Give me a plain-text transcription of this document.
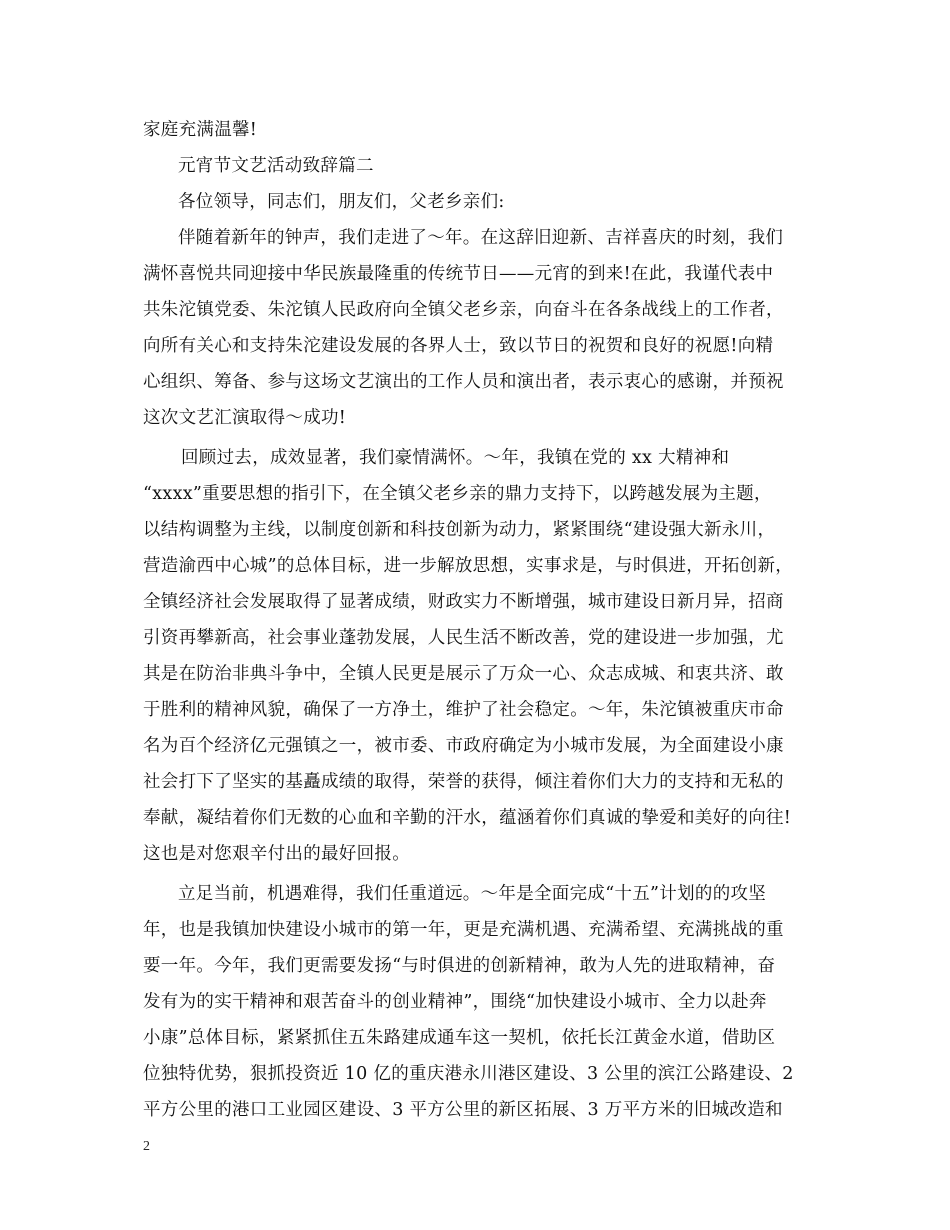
家庭充满温馨!
元宵节文艺活动致辞篇二
各位领导，同志们，朋友们，父老乡亲们:
伴随着新年的钟声，我们走进了～年。在这辞旧迎新、吉祥喜庆的时刻，我们
满怀喜悦共同迎接中华民族最隆重的传统节日——元宵的到来!在此，我谨代表中
共朱沱镇党委、朱沱镇人民政府向全镇父老乡亲，向奋斗在各条战线上的工作者，
向所有关心和支持朱沱建设发展的各界人士，致以节日的祝贺和良好的祝愿!向精
心组织、筹备、参与这场文艺演出的工作人员和演出者，表示衷心的感谢，并预祝
这次文艺汇演取得～成功!
回顾过去，成效显著，我们豪情满怀。～年，我镇在党的 xx 大精神和
“xxxx”重要思想的指引下，在全镇父老乡亲的鼎力支持下，以跨越发展为主题，
以结构调整为主线，以制度创新和科技创新为动力，紧紧围绕“建设强大新永川，
营造渝西中心城”的总体目标，进一步解放思想，实事求是，与时俱进，开拓创新，
全镇经济社会发展取得了显著成绩，财政实力不断增强，城市建设日新月异，招商
引资再攀新高，社会事业蓬勃发展，人民生活不断改善，党的建设进一步加强，尤
其是在防治非典斗争中，全镇人民更是展示了万众一心、众志成城、和衷共济、敢
于胜利的精神风貌，确保了一方净土，维护了社会稳定。～年，朱沱镇被重庆市命
名为百个经济亿元强镇之一，被市委、市政府确定为小城市发展，为全面建设小康
社会打下了坚实的基矗成绩的取得，荣誉的获得，倾注着你们大力的支持和无私的
奉献，凝结着你们无数的心血和辛勤的汗水，蕴涵着你们真诚的挚爱和美好的向往!
这也是对您艰辛付出的最好回报。
立足当前，机遇难得，我们任重道远。～年是全面完成“十五”计划的的攻坚
年，也是我镇加快建设小城市的第一年，更是充满机遇、充满希望、充满挑战的重
要一年。今年，我们更需要发扬“与时俱进的创新精神，敢为人先的进取精神，奋
发有为的实干精神和艰苦奋斗的创业精神”，围绕“加快建设小城市、全力以赴奔
小康”总体目标，紧紧抓住五朱路建成通车这一契机，依托长江黄金水道，借助区
位独特优势，狠抓投资近 10 亿的重庆港永川港区建设、3 公里的滨江公路建设、2
平方公里的港口工业园区建设、3 平方公里的新区拓展、3 万平方米的旧城改造和
2
